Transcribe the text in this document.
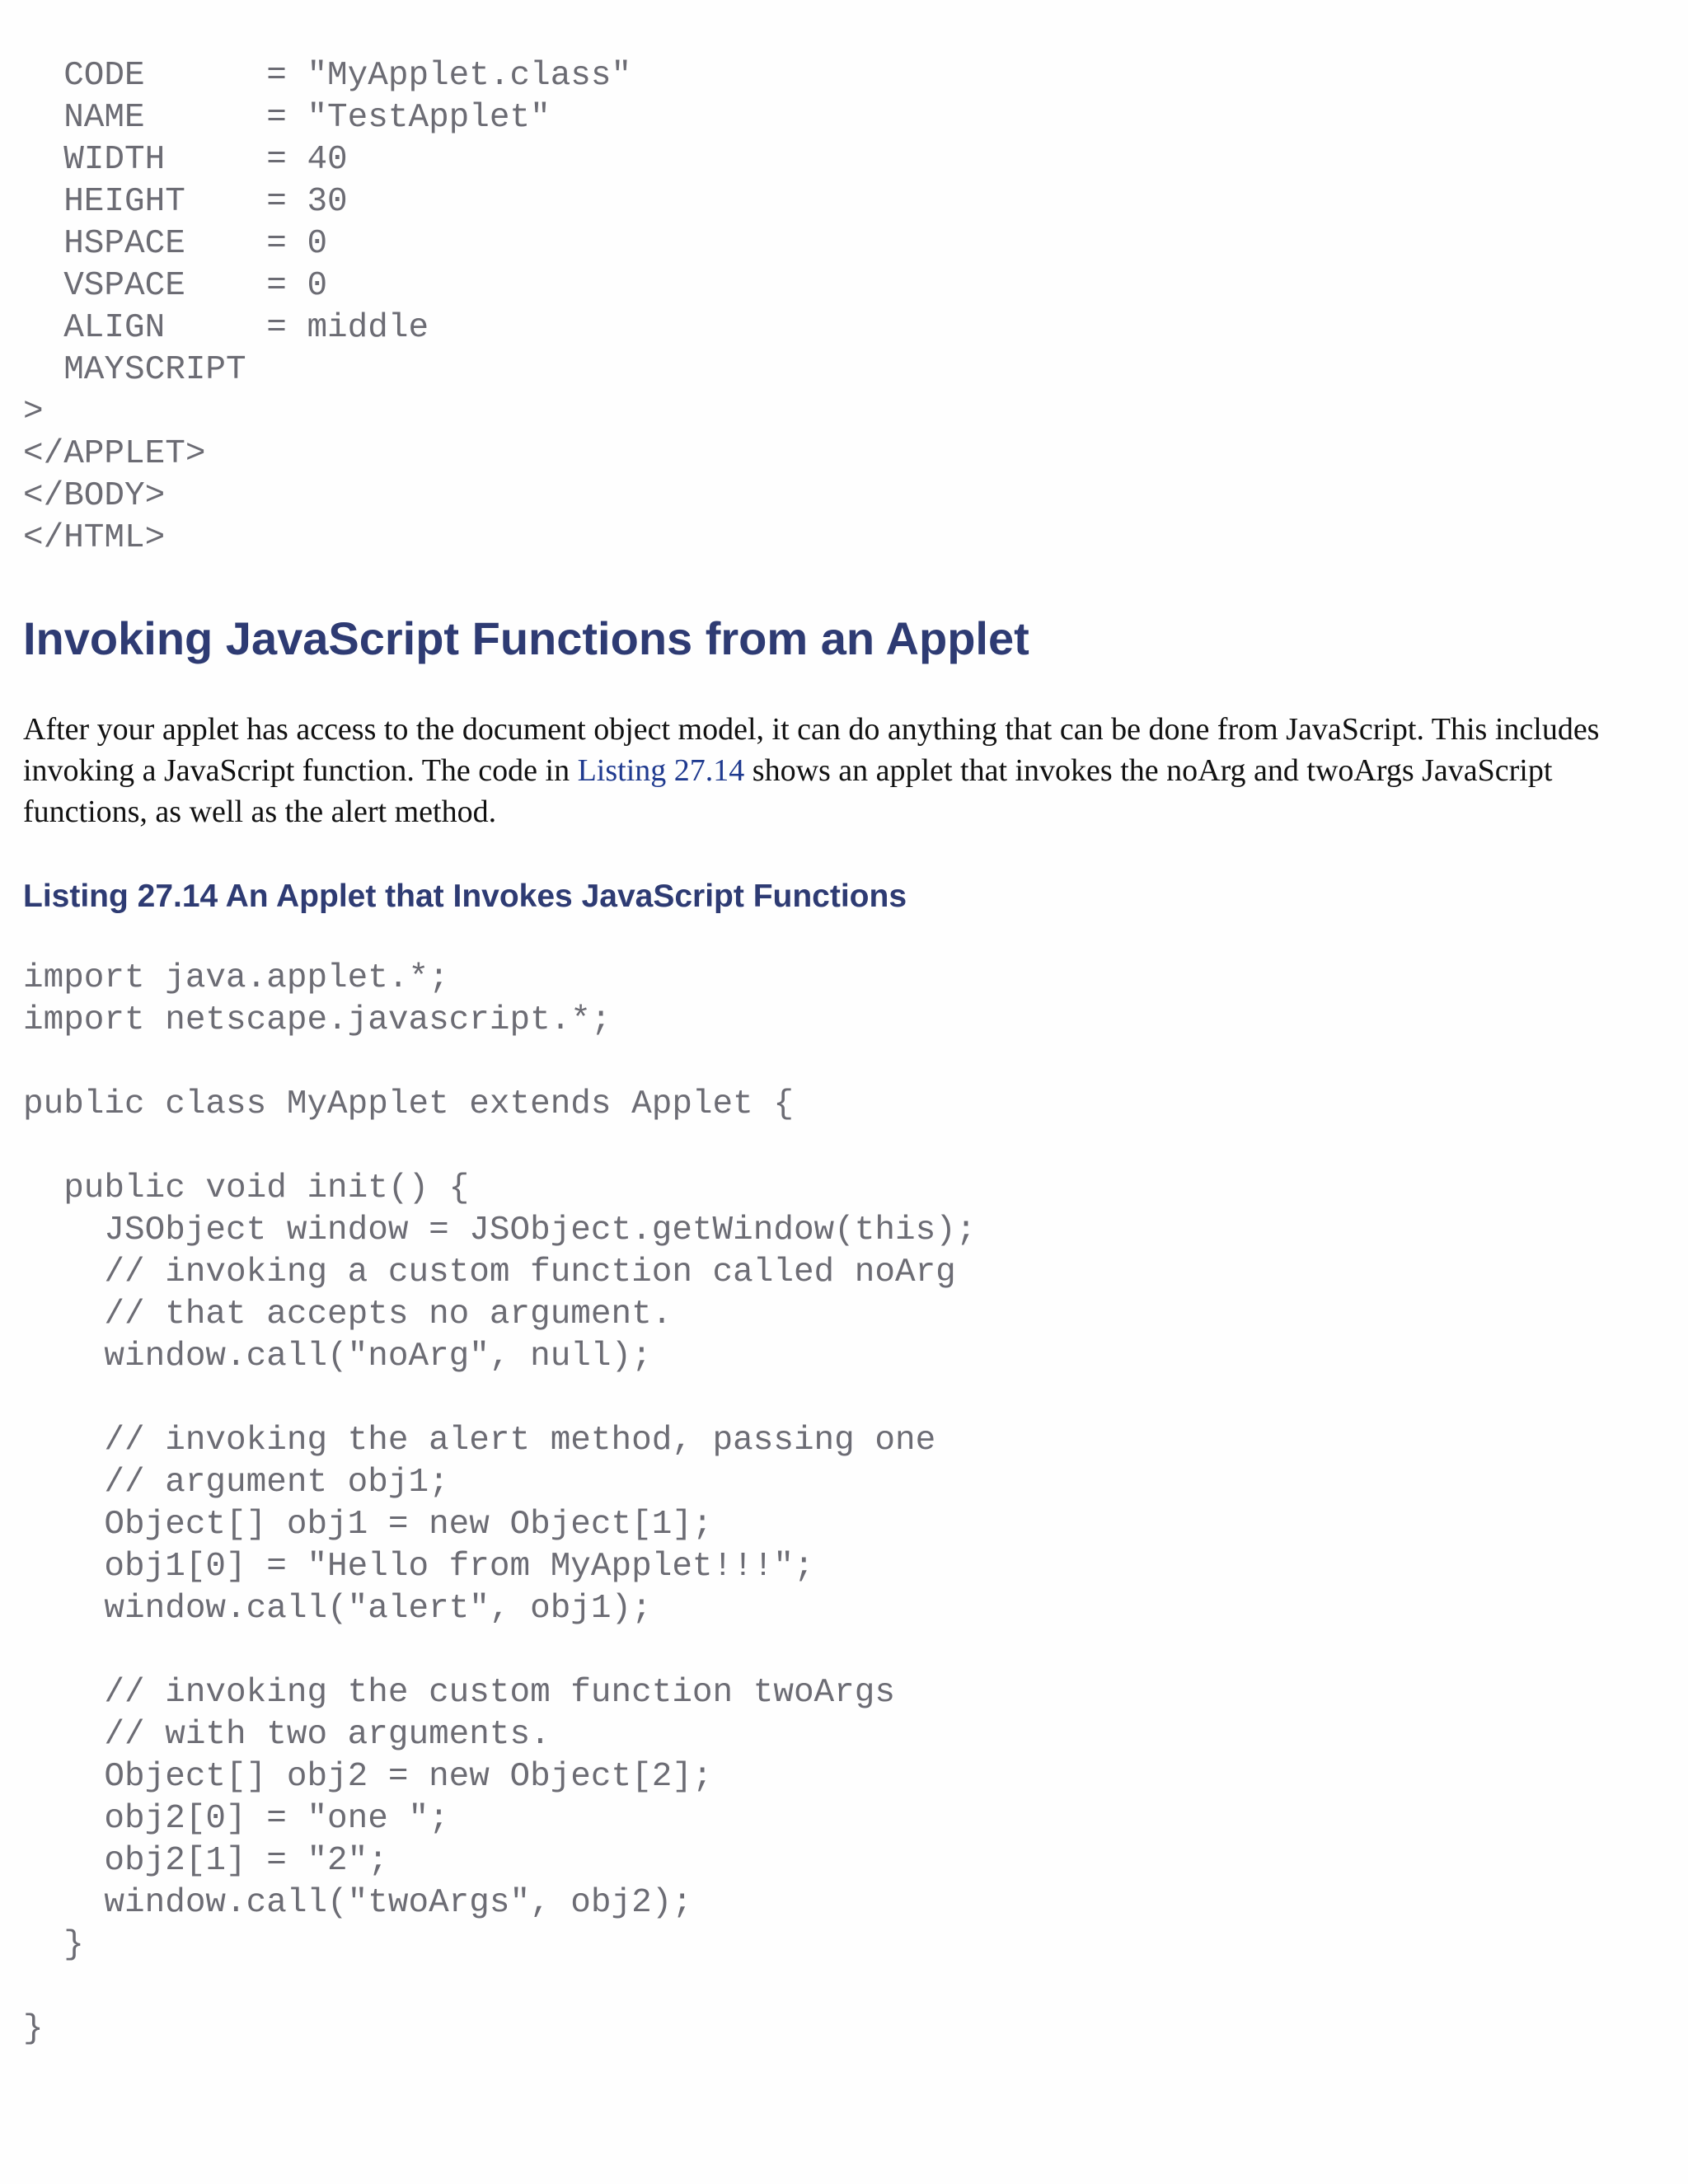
CODE      = "MyApplet.class"
NAME      = "TestApplet"
WIDTH     = 40
HEIGHT    = 30
HSPACE    = 0
VSPACE    = 0
ALIGN     = middle
MAYSCRIPT
>
</APPLET>
</BODY>
</HTML>
Invoking JavaScript Functions from an Applet

After your applet has access to the document object model, it can do anything that can be done from JavaScript. This includes invoking a JavaScript function. The code in Listing 27.14 shows an applet that invokes the noArg and twoArgs JavaScript functions, as well as the alert method.

Listing 27.14 An Applet that Invokes JavaScript Functions
import java.applet.*;
import netscape.javascript.*;
public class MyApplet extends Applet {
public void init() {
JSObject window = JSObject.getWindow(this);
// invoking a custom function called noArg
// that accepts no argument.
window.call("noArg", null);
// invoking the alert method, passing one
// argument obj1;
Object[] obj1 = new Object[1];
obj1[0] = "Hello from MyApplet!!!";
window.call("alert", obj1);
// invoking the custom function twoArgs
// with two arguments.
Object[] obj2 = new Object[2];
obj2[0] = "one ";
obj2[1] = "2";
window.call("twoArgs", obj2);
}
}
